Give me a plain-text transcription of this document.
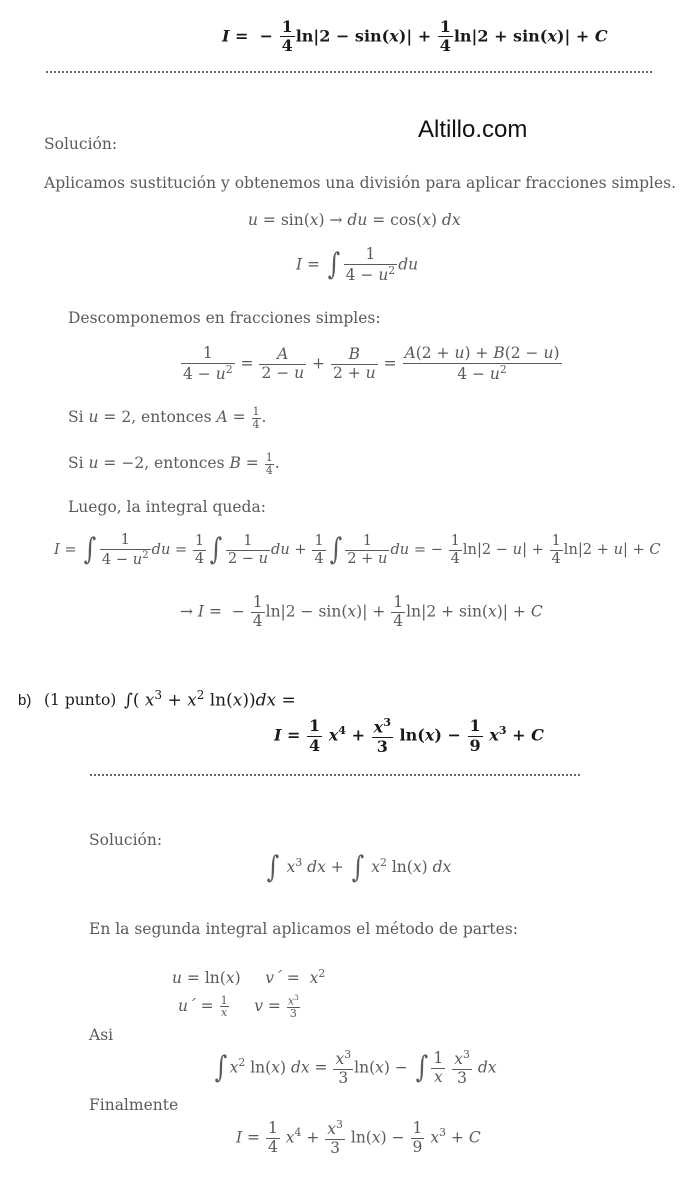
I =  − $\frac{1}{4} \ln|2 - \sin(x)| + \frac{1}{4} \ln|2 + \sin(x)| + C$
Altillo.com
Solución:
Aplicamos sustitución y obtenemos una división para aplicar fracciones simples.
u = sin(x) → du = cos(x) dx
I = ∫ $\frac{1}{4 - u^2}$ du
Descomponemos en fracciones simples:
$\frac{1}{4 - u^2} = \frac{A}{2 - u} + \frac{B}{2 + u} = \frac{A(2 + u) + B(2 - u)}{4 - u^2}$
Si u = 2, entonces $A = \frac{1}{4}$ .
Si u = −2, entonces $B = \frac{1}{4}$ .
Luego, la integral queda:
I = ∫ $\frac{1}{4 - u^2}$ du = $\frac{1}{4}$ ∫ $\frac{1}{2 - u}$ du + $\frac{1}{4}$ ∫ $\frac{1}{2 + u}$ du = − $\frac{1}{4} \ln|2 - u| + \frac{1}{4} \ln|2 + u| + C$
→ I =  − $\frac{1}{4} \ln|2 - \sin(x)| + \frac{1}{4} \ln|2 + \sin(x)| + C$
b) (1 punto) ∫( $x^3 + x^2$ ln(x))dx =
$I = \frac{1}{4} x^4 + \frac{x^3}{3} \ln(x) - \frac{1}{9} x^3 + C$
Solución:
∫ $x^3$ dx + ∫ $x^2$ ln(x) dx
En la segunda integral aplicamos el método de partes:
u = ln(x)     v´ =  $x^2$
u´ = $\frac{1}{x}$ $v = \frac{x^3}{3}$
Asi
∫ $x^2$ ln(x) dx = $\frac{x^3}{3} \ln(x)$ − ∫ $\frac{1}{x}$
$\frac{x^3}{3}$ dx
Finalmente
$I = \frac{1}{4} x^4 + \frac{x^3}{3} \ln(x) - \frac{1}{9} x^3 + C$
